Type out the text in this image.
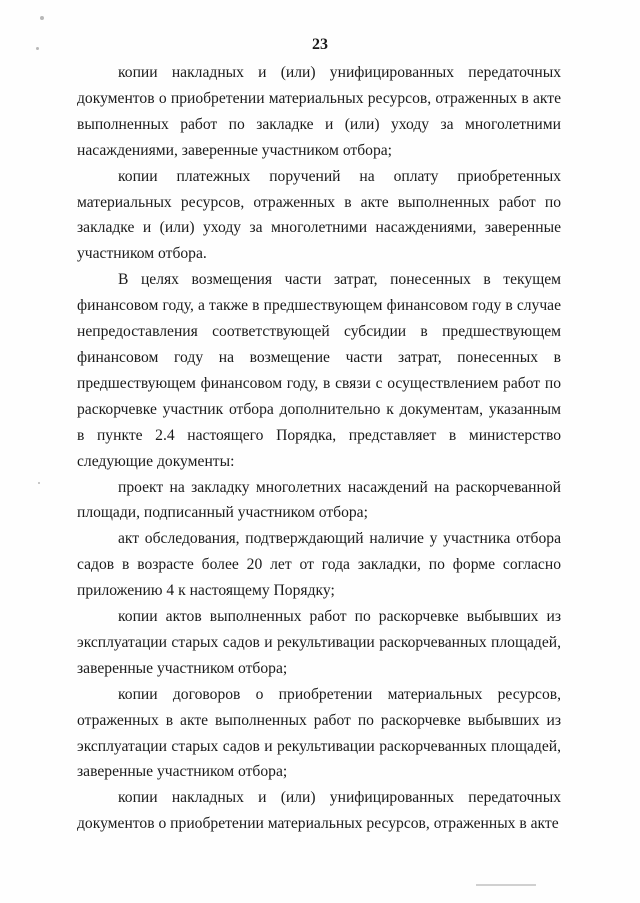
23

копии накладных и (или) унифицированных передаточных документов о приобретении материальных ресурсов, отраженных в акте выполненных работ по закладке и (или) уходу за многолетними насаждениями, заверенные участником отбора;

копии платежных поручений на оплату приобретенных материальных ресурсов, отраженных в акте выполненных работ по закладке и (или) уходу за многолетними насаждениями, заверенные участником отбора.

В целях возмещения части затрат, понесенных в текущем финансовом году, а также в предшествующем финансовом году в случае непредоставления соответствующей субсидии в предшествующем финансовом году на возмещение части затрат, понесенных в предшествующем финансовом году, в связи с осуществлением работ по раскорчевке участник отбора дополнительно к документам, указанным в пункте 2.4 настоящего Порядка, представляет в министерство следующие документы:

проект на закладку многолетних насаждений на раскорчеванной площади, подписанный участником отбора;

акт обследования, подтверждающий наличие у участника отбора садов в возрасте более 20 лет от года закладки, по форме согласно приложению 4 к настоящему Порядку;

копии актов выполненных работ по раскорчевке выбывших из эксплуатации старых садов и рекультивации раскорчеванных площадей, заверенные участником отбора;

копии договоров о приобретении материальных ресурсов, отраженных в акте выполненных работ по раскорчевке выбывших из эксплуатации старых садов и рекультивации раскорчеванных площадей, заверенные участником отбора;

копии накладных и (или) унифицированных передаточных документов о приобретении материальных ресурсов, отраженных в акте
